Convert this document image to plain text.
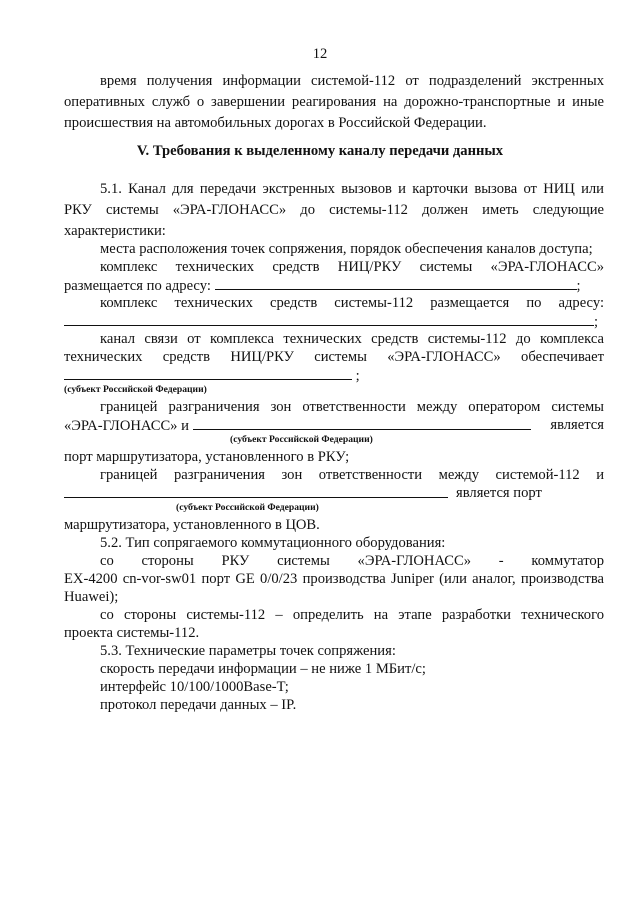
12
время получения информации системой-112 от подразделений экстренных
оперативных служб о завершении реагирования на дорожно-транспортные и иные
происшествия на автомобильных дорогах в Российской Федерации.
V. Требования к выделенному каналу передачи данных
5.1. Канал для передачи экстренных вызовов и карточки вызова от НИЦ или
РКУ системы «ЭРА-ГЛОНАСС» до системы-112 должен иметь следующие
характеристики:
места расположения точек сопряжения, порядок обеспечения каналов доступа;
комплекс технических средств НИЦ/РКУ системы «ЭРА-ГЛОНАСС»
размещается по адресу:	;
комплекс технических средств системы-112 размещается по адресу:
;
канал связи от комплекса технических средств системы-112 до комплекса
технических средств НИЦ/РКУ системы «ЭРА-ГЛОНАСС» обеспечивает
;
(субъект Российской Федерации)
границей разграничения зон ответственности между оператором системы
«ЭРА-ГЛОНАСС» и	является
(субъект Российской Федерации)
порт маршрутизатора, установленного в РКУ;
границей разграничения зон ответственности между системой-112 и
является порт
(субъект Российской Федерации)
маршрутизатора, установленного в ЦОВ.
5.2. Тип сопрягаемого коммутационного оборудования:
со стороны РКУ системы «ЭРА-ГЛОНАСС» - коммутатор
EX-4200 cn-vor-sw01 порт GE 0/0/23 производства Juniper (или аналог, производства
Huawei);
со стороны системы-112 – определить на этапе разработки технического
проекта системы-112.
5.3. Технические параметры точек сопряжения:
скорость передачи информации – не ниже 1 МБит/с;
интерфейс 10/100/1000Base-T;
протокол передачи данных – IP.
